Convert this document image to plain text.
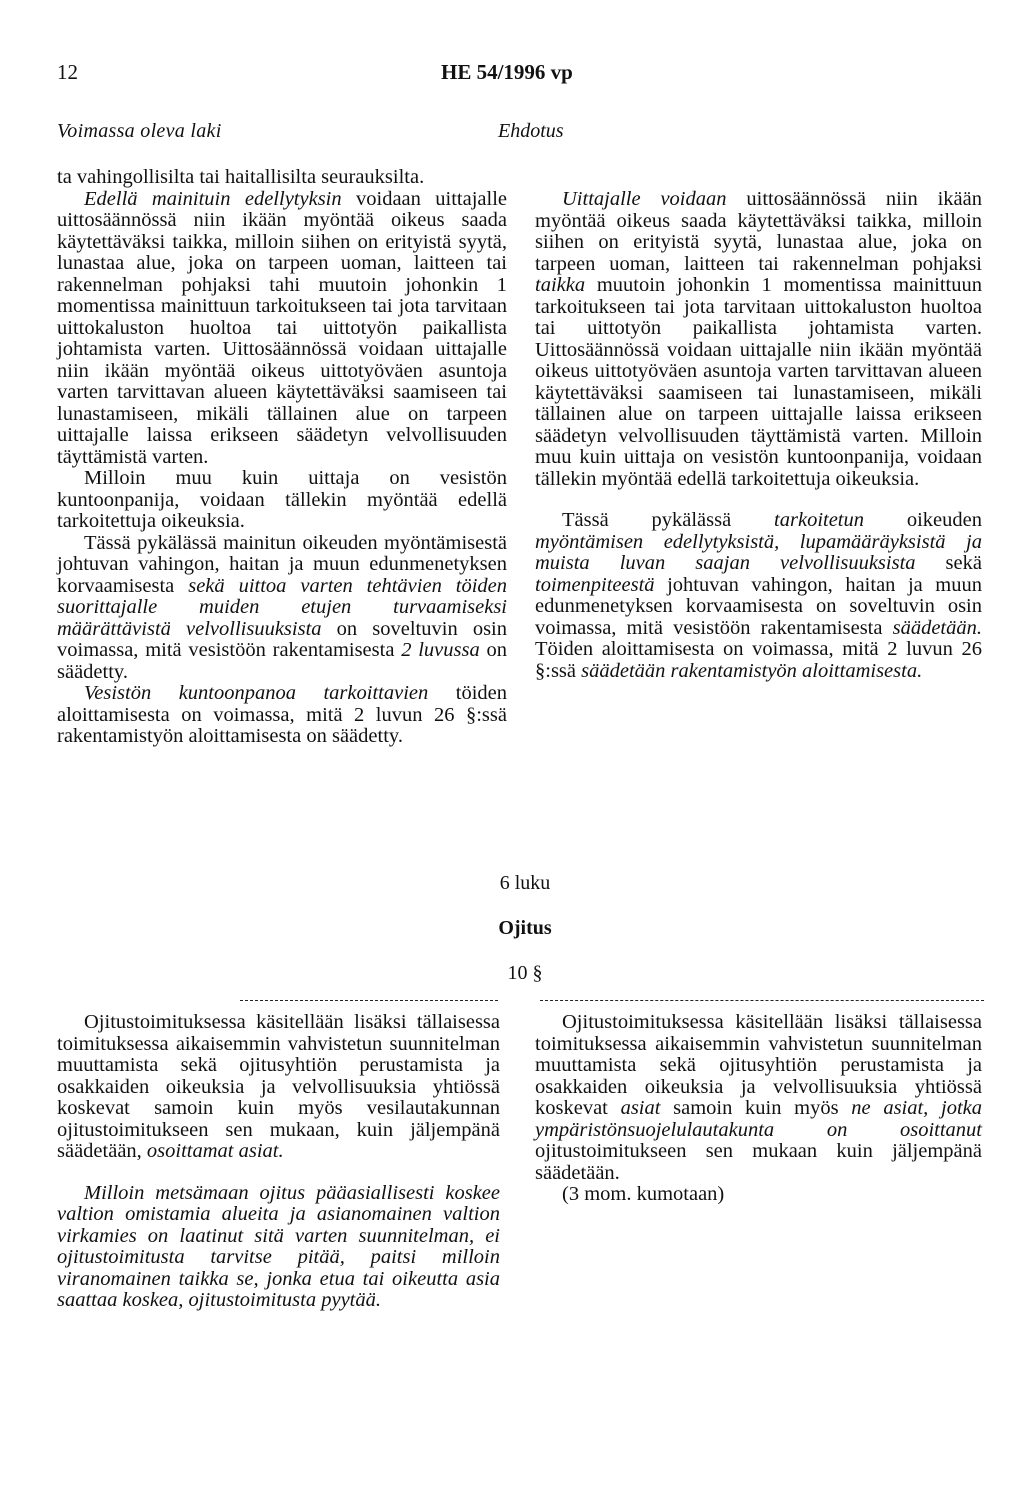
12	HE 54/1996 vp
Voimassa oleva laki	Ehdotus

ta vahingollisilta tai haitallisilta seurauksilta.

Edellä mainituin edellytyksin voidaan uittajalle uittosäännössä niin ikään myöntää oikeus saada käytettäväksi taikka, milloin siihen on erityistä syytä, lunastaa alue, joka on tarpeen uoman, laitteen tai rakennelman pohjaksi tahi muutoin johonkin 1 momentissa mainittuun tarkoitukseen tai jota tarvitaan uittokaluston huoltoa tai uittotyön paikallista johtamista varten. Uittosäännössä voidaan uittajalle niin ikään myöntää oikeus uittotyöväen asuntoja varten tarvittavan alueen käytettäväksi saamiseen tai lunastamiseen, mikäli tällainen alue on tarpeen uittajalle laissa erikseen säädetyn velvollisuuden täyttämistä varten.

Milloin muu kuin uittaja on vesistön kuntoonpanija, voidaan tällekin myöntää edellä tarkoitettuja oikeuksia.

Tässä pykälässä mainitun oikeuden myöntämisestä johtuvan vahingon, haitan ja muun edunmenetyksen korvaamisesta sekä uittoa varten tehtävien töiden suorittajalle muiden etujen turvaamiseksi määrättävistä velvollisuuksista on soveltuvin osin voimassa, mitä vesistöön rakentamisesta 2 luvussa on säädetty.

Vesistön kuntoonpanoa tarkoittavien töiden aloittamisesta on voimassa, mitä 2 luvun 26 §:ssä rakentamistyön aloittamisesta on säädetty.

Uittajalle voidaan uittosäännössä niin ikään myöntää oikeus saada käytettäväksi taikka, milloin siihen on erityistä syytä, lunastaa alue, joka on tarpeen uoman, laitteen tai rakennelman pohjaksi taikka muutoin johonkin 1 momentissa mainittuun tarkoitukseen tai jota tarvitaan uittokaluston huoltoa tai uittotyön paikallista johtamista varten. Uittosäännössä voidaan uittajalle niin ikään myöntää oikeus uittotyöväen asuntoja varten tarvittavan alueen käytettäväksi saamiseen tai lunastamiseen, mikäli tällainen alue on tarpeen uittajalle laissa erikseen säädetyn velvollisuuden täyttämistä varten. Milloin muu kuin uittaja on vesistön kuntoonpanija, voidaan tällekin myöntää edellä tarkoitettuja oikeuksia.

Tässä pykälässä tarkoitetun oikeuden myöntämisen edellytyksistä, lupamääräyksistä ja muista luvan saajan velvollisuuksista sekä toimenpiteestä johtuvan vahingon, haitan ja muun edunmenetyksen korvaamisesta on soveltuvin osin voimassa, mitä vesistöön rakentamisesta säädetään. Töiden aloittamisesta on voimassa, mitä 2 luvun 26 §:ssä säädetään rakentamistyön aloittamisesta.

6 luku
Ojitus
10 §

Ojitustoimituksessa käsitellään lisäksi tällaisessa toimituksessa aikaisemmin vahvistetun suunnitelman muuttamista sekä ojitusyhtiön perustamista ja osakkaiden oikeuksia ja velvollisuuksia yhtiössä koskevat samoin kuin myös vesilautakunnan ojitustoimitukseen sen mukaan, kuin jäljempänä säädetään, osoittamat asiat.

Milloin metsämaan ojitus pääasiallisesti koskee valtion omistamia alueita ja asianomainen valtion virkamies on laatinut sitä varten suunnitelman, ei ojitustoimitusta tarvitse pitää, paitsi milloin viranomainen taikka se, jonka etua tai oikeutta asia saattaa koskea, ojitustoimitusta pyytää.

Ojitustoimituksessa käsitellään lisäksi tällaisessa toimituksessa aikaisemmin vahvistetun suunnitelman muuttamista sekä ojitusyhtiön perustamista ja osakkaiden oikeuksia ja velvollisuuksia yhtiössä koskevat asiat samoin kuin myös ne asiat, jotka ympäristönsuojelulautakunta on osoittanut ojitustoimitukseen sen mukaan kuin jäljempänä säädetään.

(3 mom. kumotaan)
